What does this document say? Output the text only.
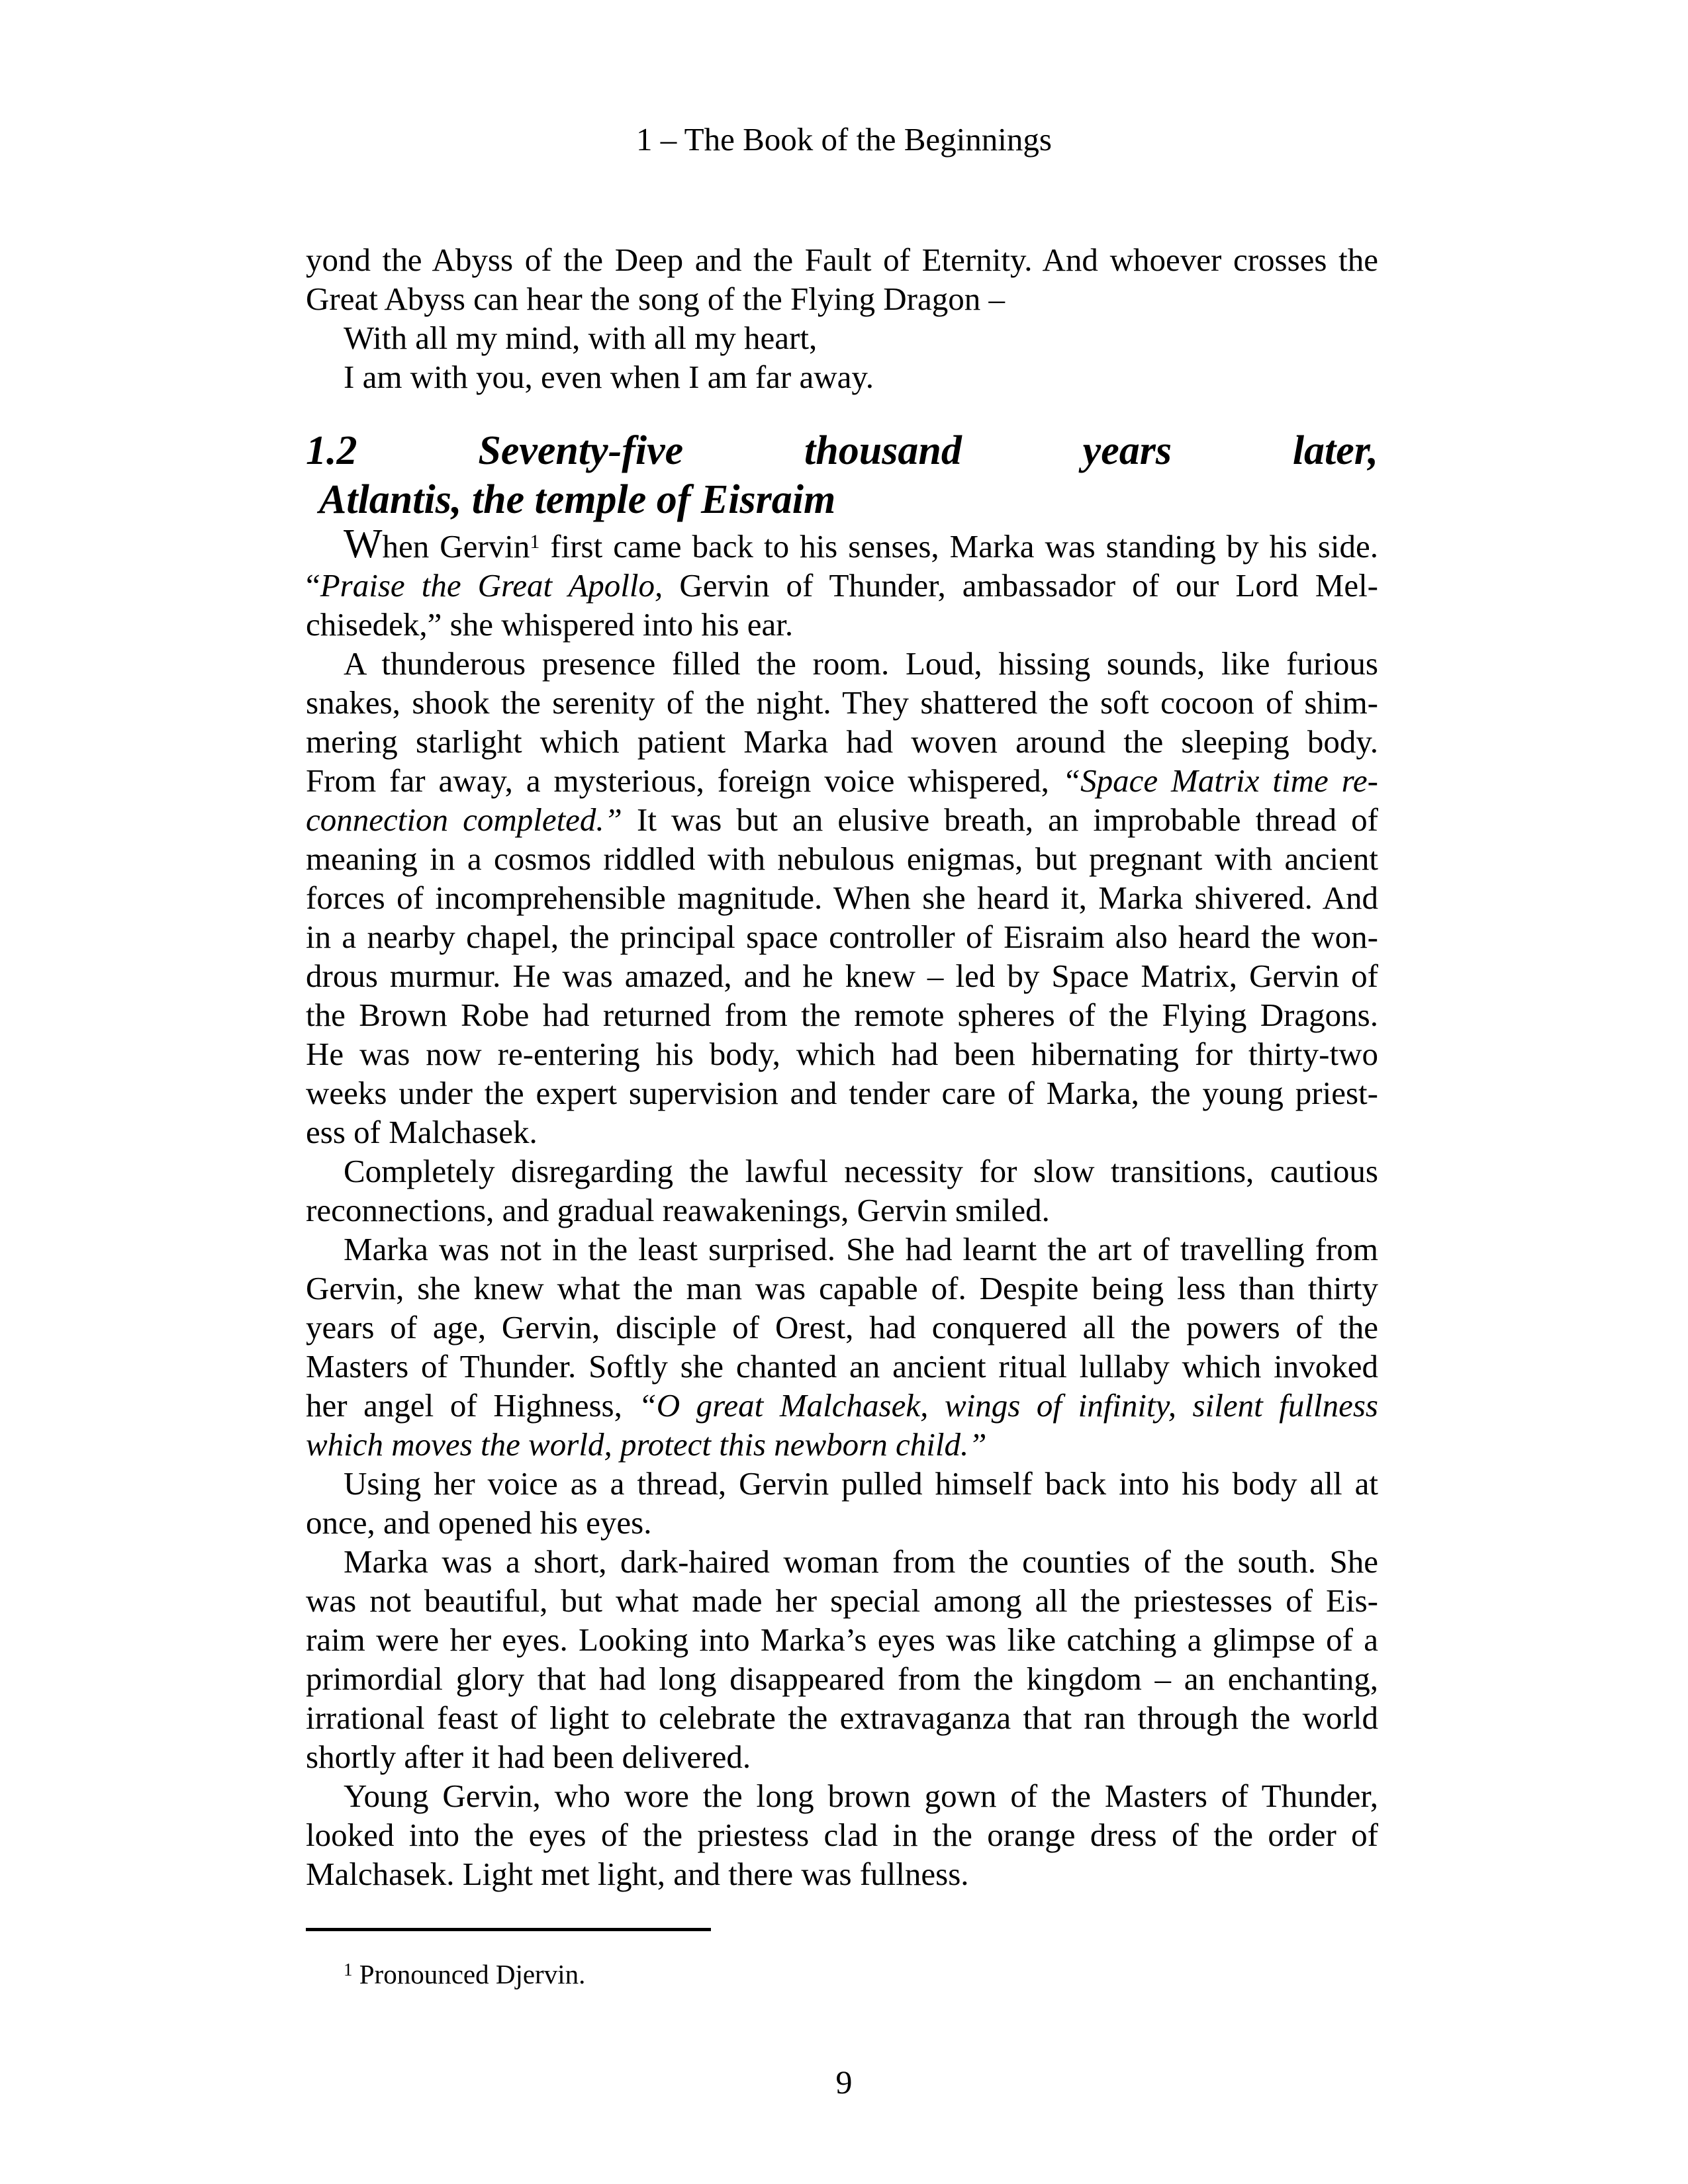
1 – The Book of the Beginnings
yond the Abyss of the Deep and the Fault of Eternity. And whoever crosses the
Great Abyss can hear the song of the Flying Dragon –
With all my mind, with all my heart,
I am with you, even when I am far away.
1.2	Seventy-five	thousand	years	later,
Atlantis, the temple of Eisraim
When Gervin$^1$ first came back to his senses, Marka was standing by his side.
“Praise the Great Apollo, Gervin of Thunder, ambassador of our Lord Mel-
chisedek,” she whispered into his ear.
A thunderous presence filled the room. Loud, hissing sounds, like furious
snakes, shook the serenity of the night. They shattered the soft cocoon of shim-
mering starlight which patient Marka had woven around the sleeping body.
From far away, a mysterious, foreign voice whispered, “Space Matrix time re-
connection completed.” It was but an elusive breath, an improbable thread of
meaning in a cosmos riddled with nebulous enigmas, but pregnant with ancient
forces of incomprehensible magnitude. When she heard it, Marka shivered. And
in a nearby chapel, the principal space controller of Eisraim also heard the won-
drous murmur. He was amazed, and he knew – led by Space Matrix, Gervin of
the Brown Robe had returned from the remote spheres of the Flying Dragons.
He was now re-entering his body, which had been hibernating for thirty-two
weeks under the expert supervision and tender care of Marka, the young priest-
ess of Malchasek.
Completely disregarding the lawful necessity for slow transitions, cautious
reconnections, and gradual reawakenings, Gervin smiled.
Marka was not in the least surprised. She had learnt the art of travelling from
Gervin, she knew what the man was capable of. Despite being less than thirty
years of age, Gervin, disciple of Orest, had conquered all the powers of the
Masters of Thunder. Softly she chanted an ancient ritual lullaby which invoked
her angel of Highness, “O great Malchasek, wings of infinity, silent fullness
which moves the world, protect this newborn child.”
Using her voice as a thread, Gervin pulled himself back into his body all at
once, and opened his eyes.
Marka was a short, dark-haired woman from the counties of the south. She
was not beautiful, but what made her special among all the priestesses of Eis-
raim were her eyes. Looking into Marka’s eyes was like catching a glimpse of a
primordial glory that had long disappeared from the kingdom – an enchanting,
irrational feast of light to celebrate the extravaganza that ran through the world
shortly after it had been delivered.
Young Gervin, who wore the long brown gown of the Masters of Thunder,
looked into the eyes of the priestess clad in the orange dress of the order of
Malchasek. Light met light, and there was fullness.
$^1$ Pronounced Djervin.
9
